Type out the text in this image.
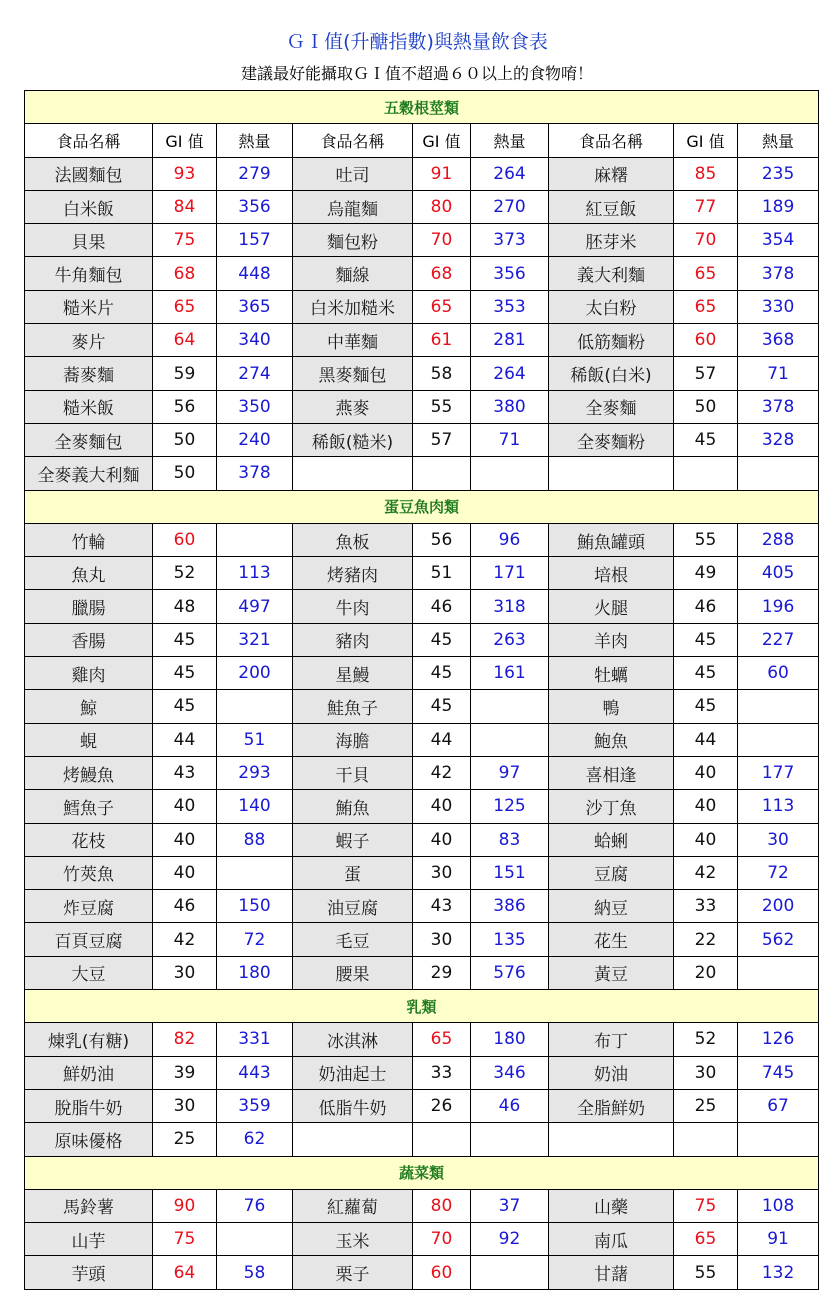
ＧＩ值(升醣指數)與熱量飲食表
建議最好能攝取ＧＩ值不超過６０以上的食物唷！
五穀根莖類								
食品名稱	GI 值	熱量	食品名稱	GI 值	熱量	食品名稱	GI 值	熱量
法國麵包	93	279	吐司	91	264	麻糬	85	235
白米飯	84	356	烏龍麵	80	270	紅豆飯	77	189
貝果	75	157	麵包粉	70	373	胚芽米	70	354
牛角麵包	68	448	麵線	68	356	義大利麵	65	378
糙米片	65	365	白米加糙米	65	353	太白粉	65	330
麥片	64	340	中華麵	61	281	低筋麵粉	60	368
蕎麥麵	59	274	黑麥麵包	58	264	稀飯(白米)	57	71
糙米飯	56	350	燕麥	55	380	全麥麵	50	378
全麥麵包	50	240	稀飯(糙米)	57	71	全麥麵粉	45	328
全麥義大利麵	50	378						
蛋豆魚肉類								
竹輪	60		魚板	56	96	鮪魚罐頭	55	288
魚丸	52	113	烤豬肉	51	171	培根	49	405
臘腸	48	497	牛肉	46	318	火腿	46	196
香腸	45	321	豬肉	45	263	羊肉	45	227
雞肉	45	200	星鰻	45	161	牡蠣	45	60
鯨	45		鮭魚子	45		鴨	45	
蜆	44	51	海膽	44		鮑魚	44	
烤鰻魚	43	293	干貝	42	97	喜相逢	40	177
鱈魚子	40	140	鮪魚	40	125	沙丁魚	40	113
花枝	40	88	蝦子	40	83	蛤蜊	40	30
竹莢魚	40		蛋	30	151	豆腐	42	72
炸豆腐	46	150	油豆腐	43	386	納豆	33	200
百頁豆腐	42	72	毛豆	30	135	花生	22	562
大豆	30	180	腰果	29	576	黃豆	20	
乳類								
煉乳(有糖)	82	331	冰淇淋	65	180	布丁	52	126
鮮奶油	39	443	奶油起士	33	346	奶油	30	745
脫脂牛奶	30	359	低脂牛奶	26	46	全脂鮮奶	25	67
原味優格	25	62						
蔬菜類								
馬鈴薯	90	76	紅蘿蔔	80	37	山藥	75	108
山芋	75		玉米	70	92	南瓜	65	91
芋頭	64	58	栗子	60		甘藷	55	132
